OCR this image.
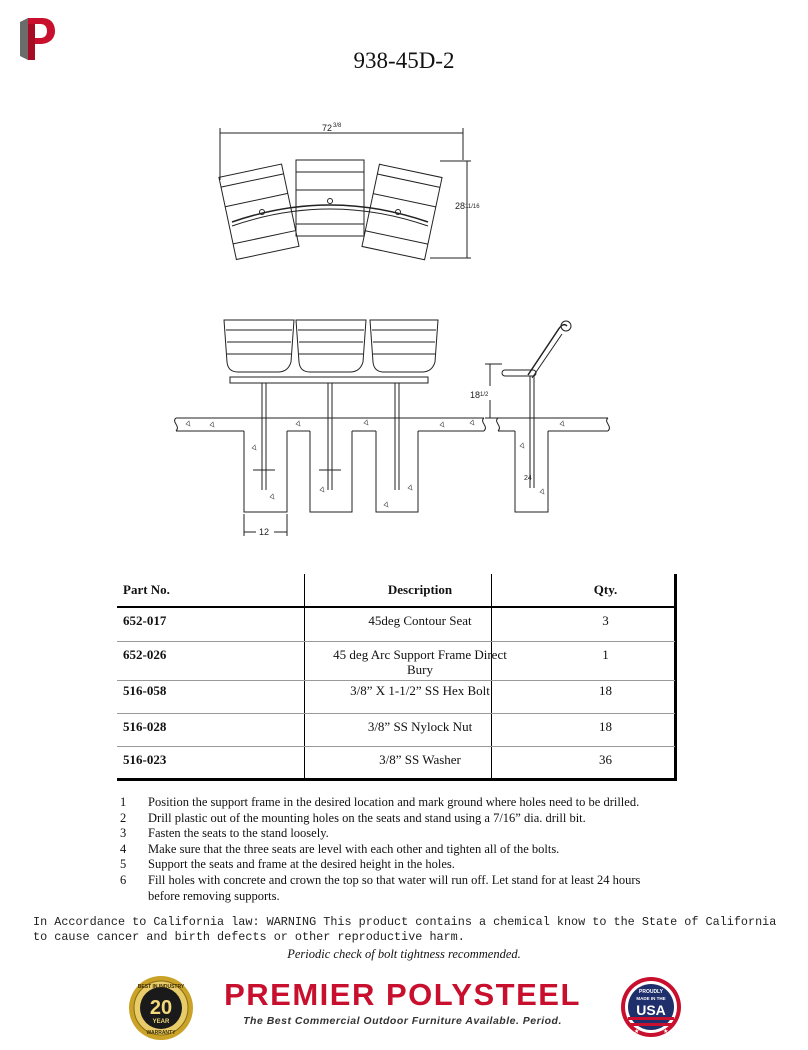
938-45D-2
72 3/8
28 11/16
18 1/2
12
24
Part No.	Description	Qty.
652-017	45deg Contour Seat	3
652-026	45 deg Arc Support Frame Direct Bury	1
516-058	3/8” X 1-1/2” SS Hex Bolt	18
516-028	3/8” SS Nylock Nut	18
516-023	3/8” SS Washer	36
1	Position the support frame in the desired location and mark ground where holes need to be drilled.
2	Drill plastic out of the mounting holes on the seats and stand using a 7/16” dia. drill bit.
3	Fasten the seats to the stand loosely.
4	Make sure that the three seats are level with each other and tighten all of the bolts.
5	Support the seats and frame at the desired height in the holes.
6	Fill holes with concrete and crown the top so that water will run off. Let stand for at least 24 hours before removing supports.
In Accordance to California law: WARNING This product contains a chemical know to the State of California
to cause cancer and birth defects or other reproductive harm.
Periodic check of bolt tightness recommended.
BEST IN INDUSTRY
20
YEAR
WARRANTY
PREMIER POLYSTEEL
The Best Commercial Outdoor Furniture Available. Period.
PROUDLY
MADE IN THE
USA
★	★
